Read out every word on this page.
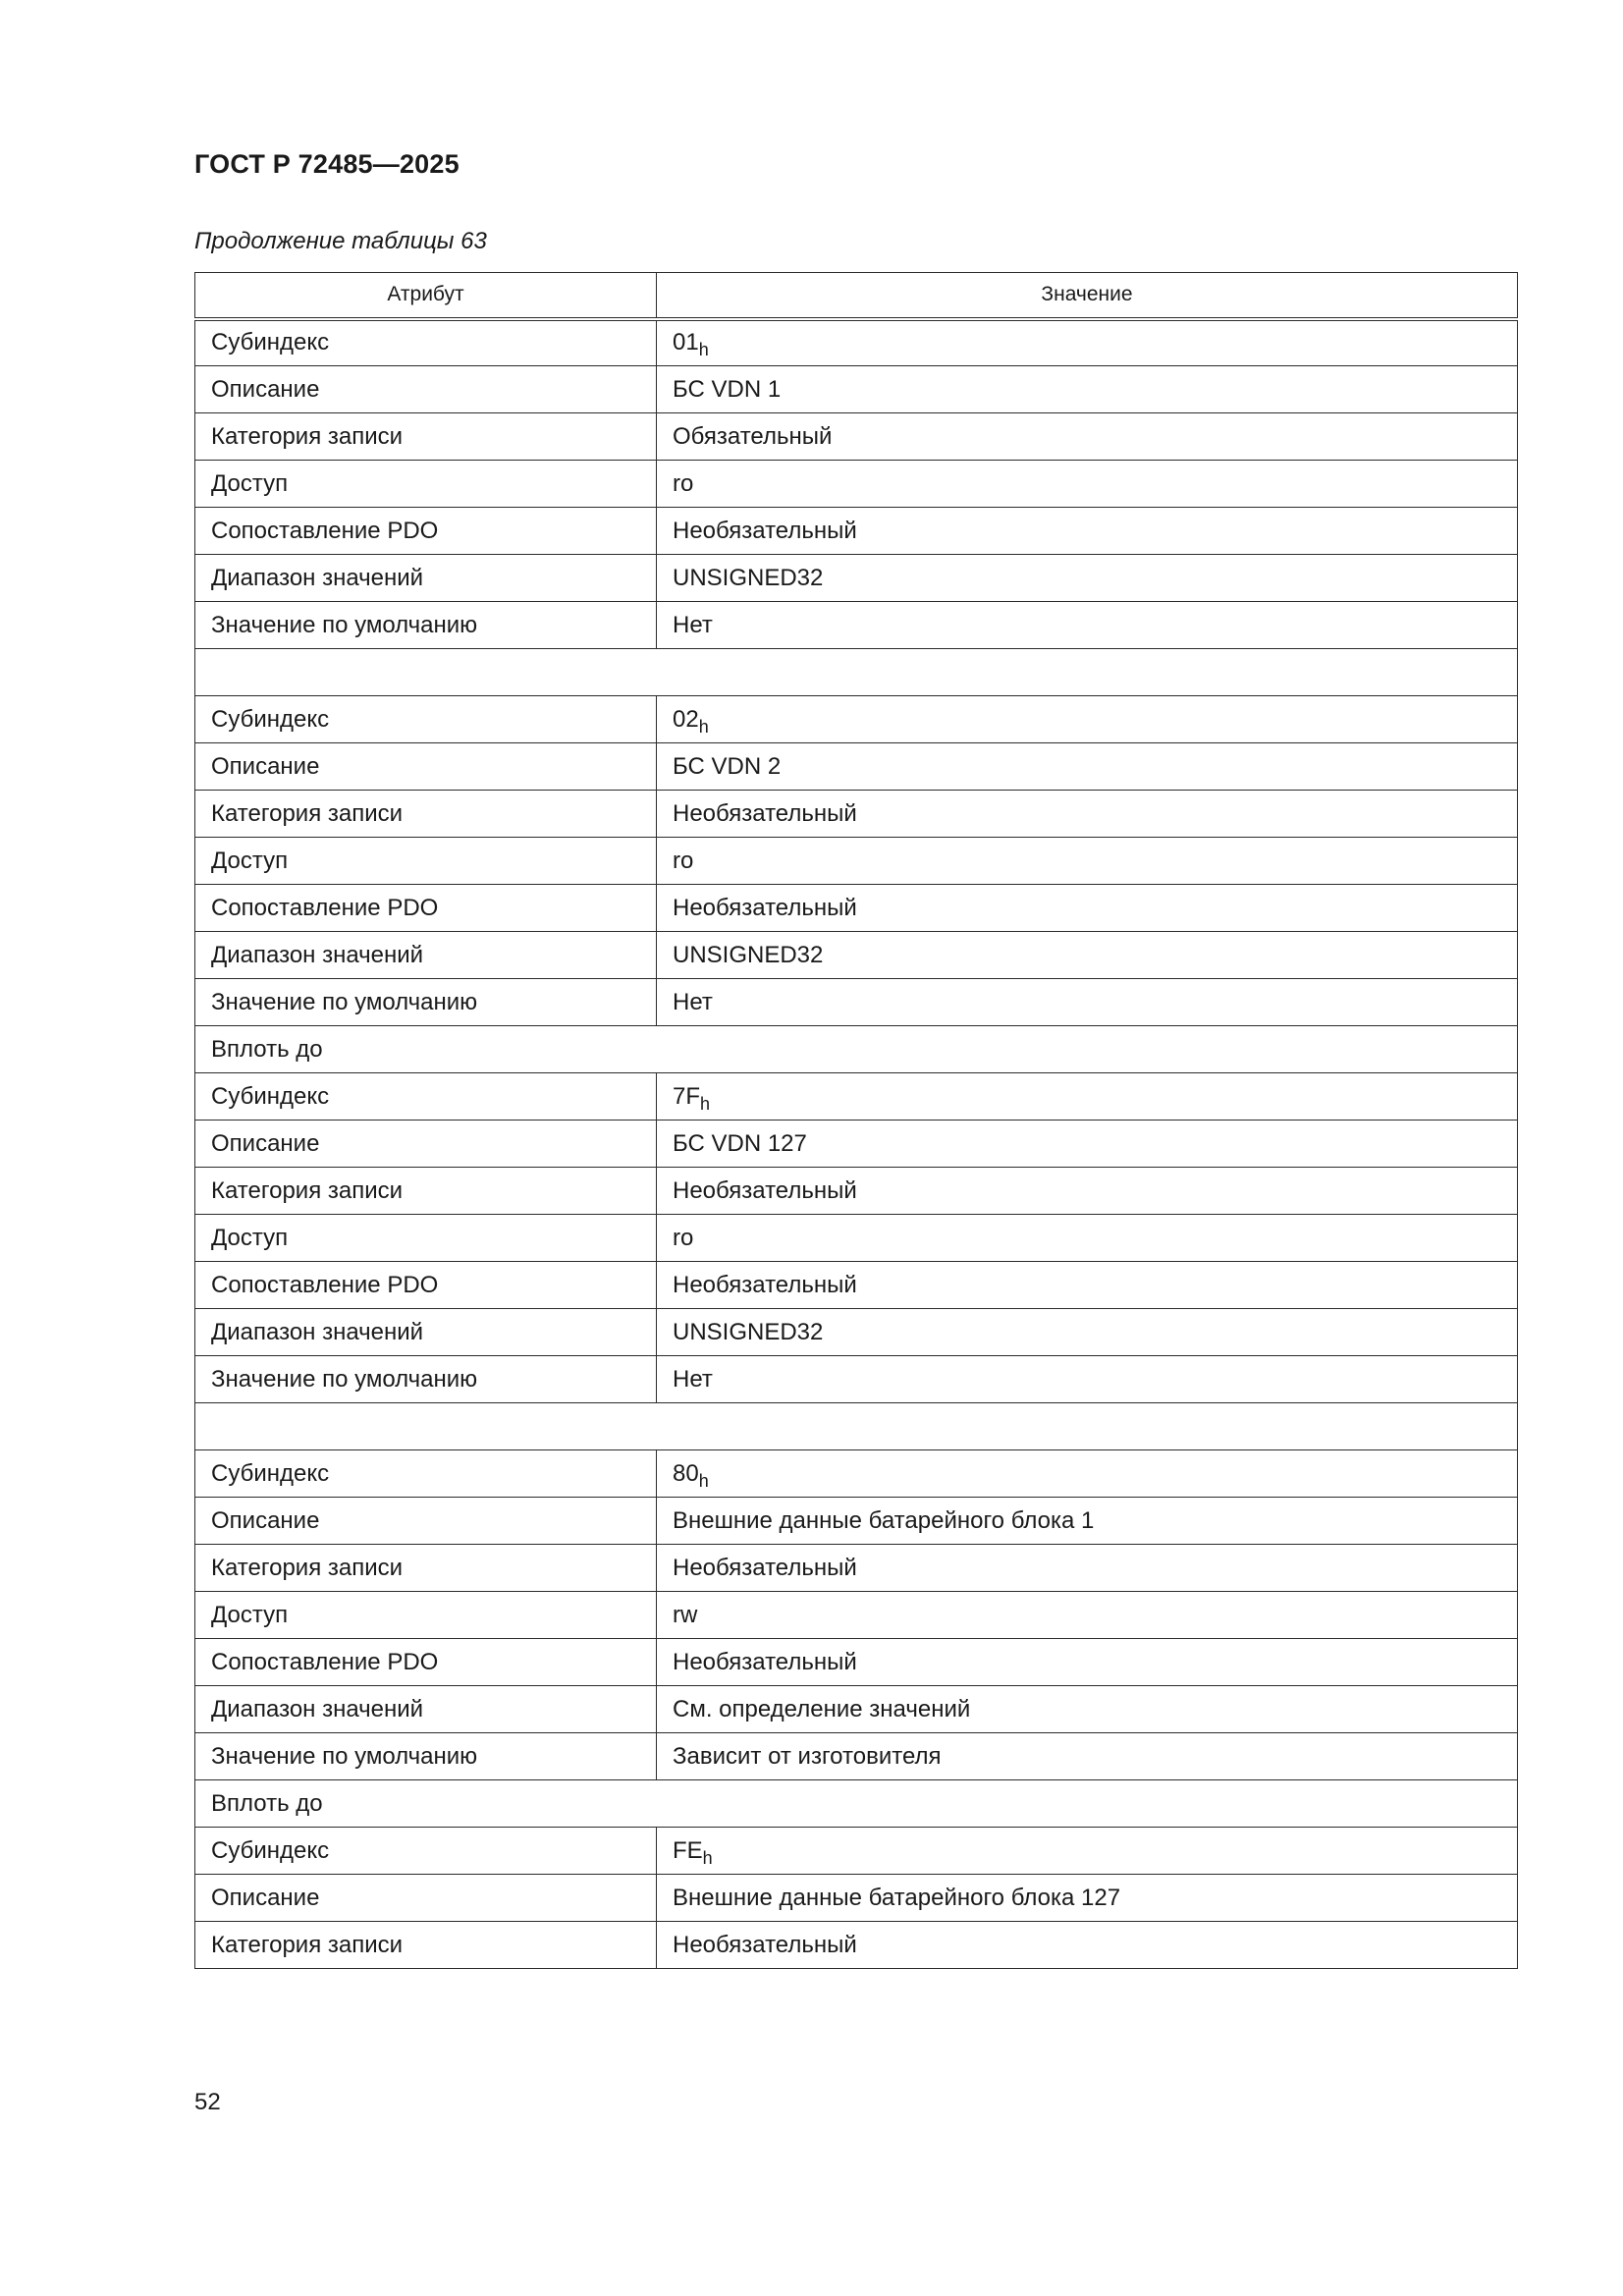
ГОСТ Р 72485—2025
Продолжение таблицы 63
Атрибут	Значение
Субиндекс	$01_h$
Описание	БС VDN 1
Категория записи	Обязательный
Доступ	ro
Сопоставление PDO	Необязательный
Диапазон значений	UNSIGNED32
Значение по умолчанию	Нет

Субиндекс	$02_h$
Описание	БС VDN 2
Категория записи	Необязательный
Доступ	ro
Сопоставление PDO	Необязательный
Диапазон значений	UNSIGNED32
Значение по умолчанию	Нет
Вплоть до	
Субиндекс	$7F_h$
Описание	БС VDN 127
Категория записи	Необязательный
Доступ	ro
Сопоставление PDO	Необязательный
Диапазон значений	UNSIGNED32
Значение по умолчанию	Нет

Субиндекс	$80_h$
Описание	Внешние данные батарейного блока 1
Категория записи	Необязательный
Доступ	rw
Сопоставление PDO	Необязательный
Диапазон значений	См. определение значений
Значение по умолчанию	Зависит от изготовителя
Вплоть до	
Субиндекс	$FE_h$
Описание	Внешние данные батарейного блока 127
Категория записи	Необязательный
52
